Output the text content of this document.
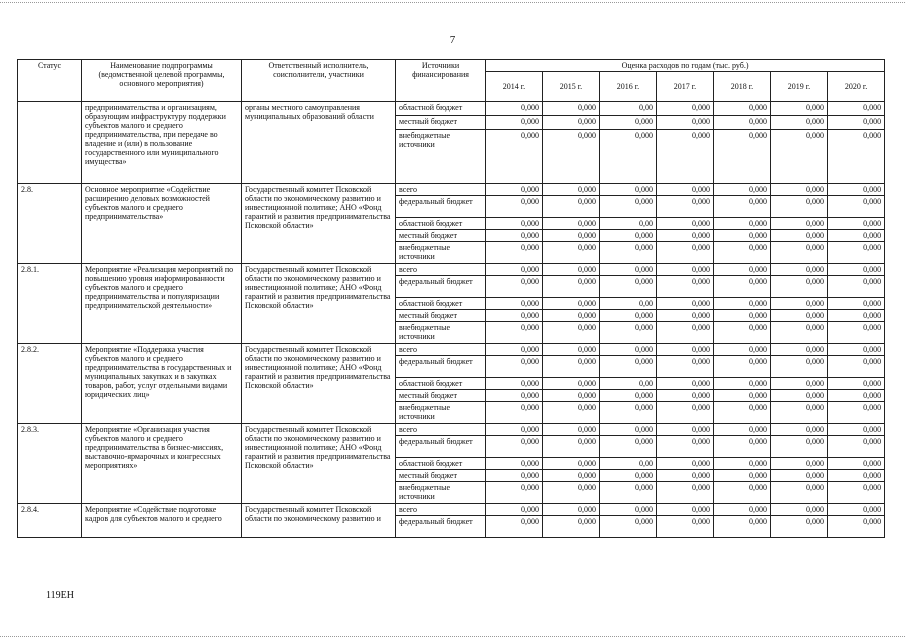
7
Статус	Наименование подпрограммы (ведомственной целевой программы, основного мероприятия)	Ответственный исполнитель, соисполнители, участники	Источники финансирования	Оценка расходов по годам (тыс. руб.)						
				2014 г.	2015 г.	2016 г.	2017 г.	2018 г.	2019 г.	2020 г.
	предпринимательства и организациям, образующим инфраструктуру поддержки субъектов малого и среднего предпринимательства, при передаче во владение и (или) в пользование государственного или муниципального имущества»	органы местного самоуправления муниципальных образований области	областной бюджет	0,000	0,000	0,00	0,000	0,000	0,000	0,000
			местный бюджет	0,000	0,000	0,000	0,000	0,000	0,000	0,000
			внебюджетные источники	0,000	0,000	0,000	0,000	0,000	0,000	0,000
2.8.	Основное мероприятие «Содействие расширению деловых возможностей субъектов малого и среднего предпринимательства»	Государственный комитет Псковской области по экономическому развитию и инвестиционной политике; АНО «Фонд гарантий и развития предпринимательства Псковской области»	всего	0,000	0,000	0,000	0,000	0,000	0,000	0,000
			федеральный бюджет	0,000	0,000	0,000	0,000	0,000	0,000	0,000
			областной бюджет	0,000	0,000	0,00	0,000	0,000	0,000	0,000
			местный бюджет	0,000	0,000	0,000	0,000	0,000	0,000	0,000
			внебюджетные источники	0,000	0,000	0,000	0,000	0,000	0,000	0,000
2.8.1.	Мероприятие «Реализация мероприятий по повышению уровня информированности субъектов малого и среднего предпринимательства и популяризации предпринимательской деятельности»	Государственный комитет Псковской области по экономическому развитию и инвестиционной политике; АНО «Фонд гарантий и развития предпринимательства Псковской области»	всего	0,000	0,000	0,000	0,000	0,000	0,000	0,000
			федеральный бюджет	0,000	0,000	0,000	0,000	0,000	0,000	0,000
			областной бюджет	0,000	0,000	0,00	0,000	0,000	0,000	0,000
			местный бюджет	0,000	0,000	0,000	0,000	0,000	0,000	0,000
			внебюджетные источники	0,000	0,000	0,000	0,000	0,000	0,000	0,000
2.8.2.	Мероприятие «Поддержка участия субъектов малого и среднего предпринимательства в государственных и муниципальных закупках и в закупках товаров, работ, услуг отдельными видами юридических лиц»	Государственный комитет Псковской области по экономическому развитию и инвестиционной политике; АНО «Фонд гарантий и развития предпринимательства Псковской области»	всего	0,000	0,000	0,000	0,000	0,000	0,000	0,000
			федеральный бюджет	0,000	0,000	0,000	0,000	0,000	0,000	0,000
			областной бюджет	0,000	0,000	0,00	0,000	0,000	0,000	0,000
			местный бюджет	0,000	0,000	0,000	0,000	0,000	0,000	0,000
			внебюджетные источники	0,000	0,000	0,000	0,000	0,000	0,000	0,000
2.8.3.	Мероприятие «Организация участия субъектов малого и среднего предпринимательства в бизнес-миссиях, выставочно-ярмарочных и конгрессных мероприятиях»	Государственный комитет Псковской области по экономическому развитию и инвестиционной политике; АНО «Фонд гарантий и развития предпринимательства Псковской области»	всего	0,000	0,000	0,000	0,000	0,000	0,000	0,000
			федеральный бюджет	0,000	0,000	0,000	0,000	0,000	0,000	0,000
			областной бюджет	0,000	0,000	0,00	0,000	0,000	0,000	0,000
			местный бюджет	0,000	0,000	0,000	0,000	0,000	0,000	0,000
			внебюджетные источники	0,000	0,000	0,000	0,000	0,000	0,000	0,000
2.8.4.	Мероприятие «Содействие подготовке кадров для субъектов малого и среднего	Государственный комитет Псковской области по экономическому развитию и	всего	0,000	0,000	0,000	0,000	0,000	0,000	0,000
			федеральный бюджет	0,000	0,000	0,000	0,000	0,000	0,000	0,000
119ЕН
